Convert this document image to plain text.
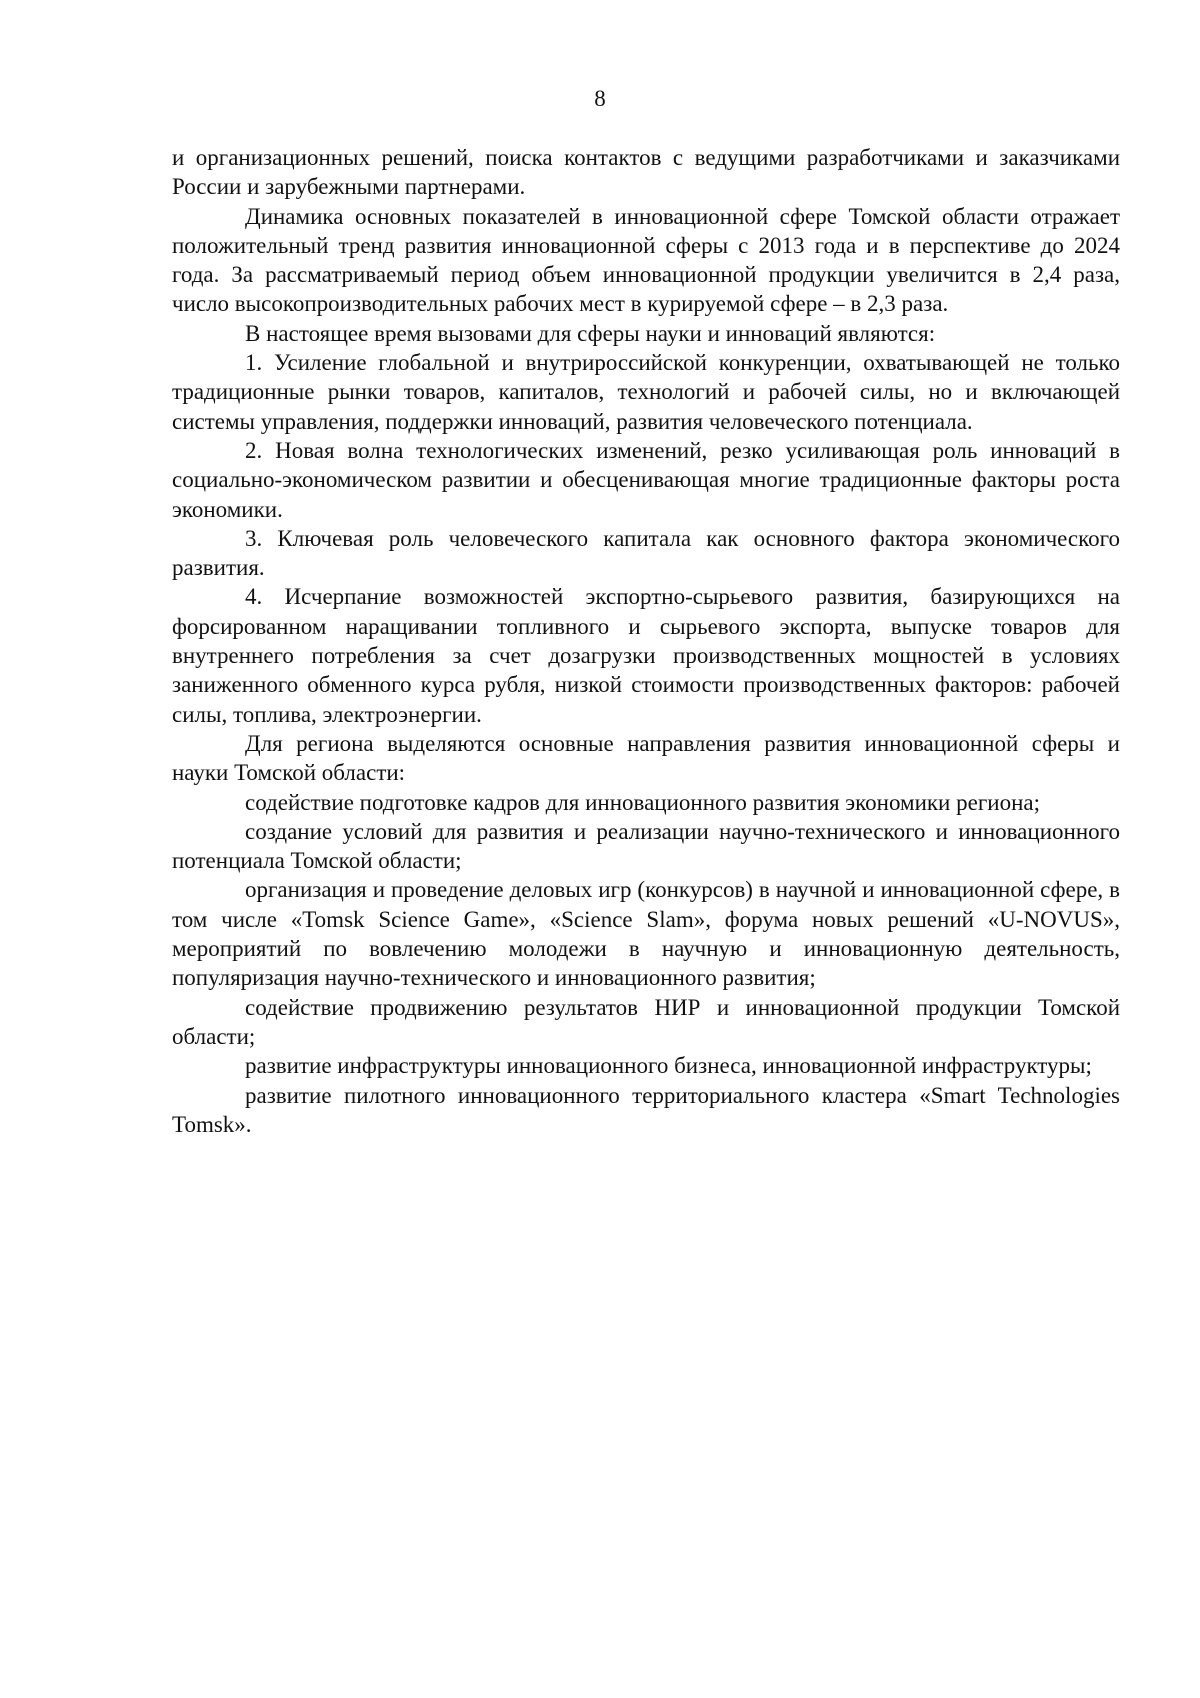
8

и организационных решений, поиска контактов с ведущими разработчиками и заказчиками России и зарубежными партнерами.

Динамика основных показателей в инновационной сфере Томской области отражает положительный тренд развития инновационной сферы с 2013 года и в перспективе до 2024 года. За рассматриваемый период объем инновационной продукции увеличится в 2,4 раза, число высокопроизводительных рабочих мест в курируемой сфере – в 2,3 раза.

В настоящее время вызовами для сферы науки и инноваций являются:

1. Усиление глобальной и внутрироссийской конкуренции, охватывающей не только традиционные рынки товаров, капиталов, технологий и рабочей силы, но и включающей системы управления, поддержки инноваций, развития человеческого потенциала.

2. Новая волна технологических изменений, резко усиливающая роль инноваций в социально-экономическом развитии и обесценивающая многие традиционные факторы роста экономики.

3. Ключевая роль человеческого капитала как основного фактора экономического развития.

4. Исчерпание возможностей экспортно-сырьевого развития, базирующихся на форсированном наращивании топливного и сырьевого экспорта, выпуске товаров для внутреннего потребления за счет дозагрузки производственных мощностей в условиях заниженного обменного курса рубля, низкой стоимости производственных факторов: рабочей силы, топлива, электроэнергии.

Для региона выделяются основные направления развития инновационной сферы и науки Томской области:

содействие подготовке кадров для инновационного развития экономики региона;

создание условий для развития и реализации научно-технического и инновационного потенциала Томской области;

организация и проведение деловых игр (конкурсов) в научной и инновационной сфере, в том числе «Tomsk Science Game», «Science Slam», форума новых решений «U-NOVUS», мероприятий по вовлечению молодежи в научную и инновационную деятельность, популяризация научно-технического и инновационного развития;

содействие продвижению результатов НИР и инновационной продукции Томской области;

развитие инфраструктуры инновационного бизнеса, инновационной инфраструктуры;

развитие пилотного инновационного территориального кластера «Smart Technologies Tomsk».
